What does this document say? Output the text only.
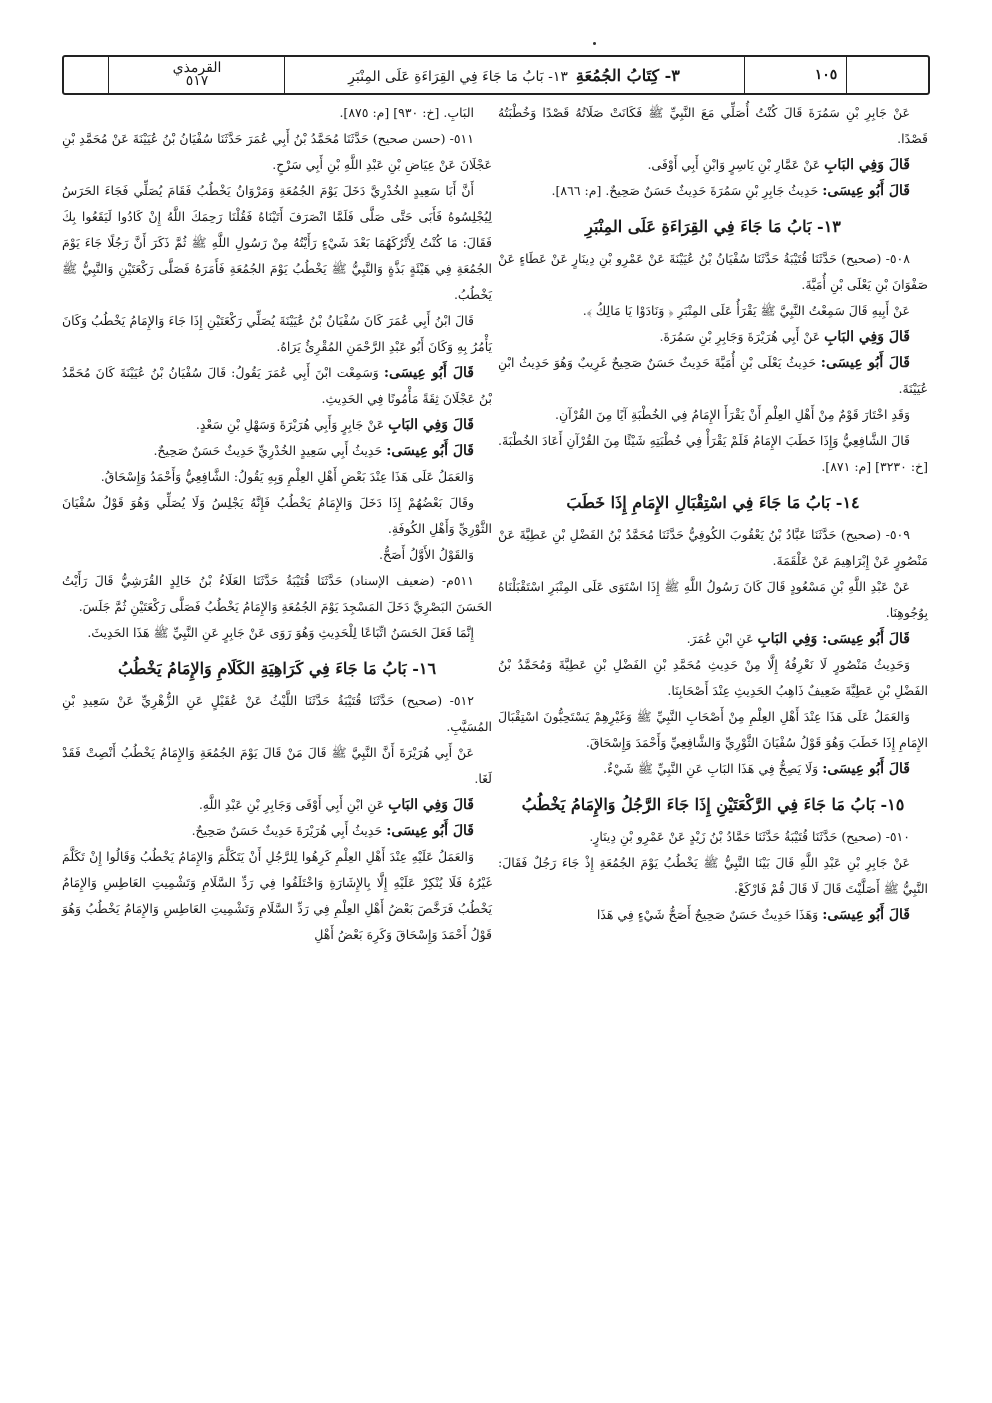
١٠٥
٣- كِتَابُ الجُمُعَةِ١٣- بَابُ مَا جَاءَ فِي القِرَاءَةِ عَلَى المِنْبَرِ
القرمذي
٥١٧

عَنْ جَابِرِ بْنِ سَمُرَةَ قَالَ كُنْتُ أُصَلِّي مَعَ النَّبِيِّ ﷺ فَكَانَتْ صَلَاتُهُ قَصْدًا وَخُطْبَتُهُ قَصْدًا.

قَالَ وَفِي البَابِ عَنْ عَمَّارِ بْنِ يَاسِرٍ وَابْنِ أَبِي أَوْفَى.

قَالَ أَبُو عِيسَى: حَدِيثُ جَابِرِ بْنِ سَمُرَةَ حَدِيثٌ حَسَنٌ صَحِيحٌ. [م: ٨٦٦].

١٣- بَابُ مَا جَاءَ فِي القِرَاءَةِ عَلَى المِنْبَرِ

٥٠٨- (صحيح) حَدَّثَنَا قُتَيْبَةُ حَدَّثَنَا سُفْيَانُ بْنُ عُيَيْنَةَ عَنْ عَمْرِو بْنِ دِينَارٍ عَنْ عَطَاءٍ عَنْ صَفْوَانَ بْنِ يَعْلَى بْنِ أُمَيَّةَ.

عَنْ أَبِيهِ قَالَ سَمِعْتُ النَّبِيَّ ﷺ يَقْرَأُ عَلَى المِنْبَرِ ﴿ وَنَادَوْا يَا مَالِكُ ﴾.

قَالَ وَفِي البَابِ عَنْ أَبِي هُرَيْرَةَ وَجَابِرِ بْنِ سَمُرَةَ.

قَالَ أَبُو عِيسَى: حَدِيثُ يَعْلَى بْنِ أُمَيَّةَ حَدِيثٌ حَسَنٌ صَحِيحٌ غَرِيبٌ وَهُوَ حَدِيثُ ابْنِ عُيَيْنَةَ.

وَقَدِ اخْتَارَ قَوْمٌ مِنْ أَهْلِ العِلْمِ أَنْ يَقْرَأَ الإِمَامُ فِي الخُطْبَةِ آيًا مِنَ القُرْآنِ.

قَالَ الشَّافِعِيُّ وَإِذَا خَطَبَ الإِمَامُ فَلَمْ يَقْرَأْ فِي خُطْبَتِهِ شَيْئًا مِنَ القُرْآنِ أَعَادَ الخُطْبَةَ. [خ: ٣٢٣٠] [م: ٨٧١].

١٤- بَابُ مَا جَاءَ فِي اسْتِقْبَالِ الإِمَامِ إِذَا خَطَبَ

٥٠٩- (صحيح) حَدَّثَنَا عَبَّادُ بْنُ يَعْقُوبَ الكُوفِيُّ حَدَّثَنَا مُحَمَّدُ بْنُ الفَضْلِ بْنِ عَطِيَّةَ عَنْ مَنْصُورٍ عَنْ إِبْرَاهِيمَ عَنْ عَلْقَمَةَ.

عَنْ عَبْدِ اللَّهِ بْنِ مَسْعُودٍ قَالَ كَانَ رَسُولُ اللَّهِ ﷺ إِذَا اسْتَوَى عَلَى المِنْبَرِ اسْتَقْبَلْنَاهُ بِوُجُوهِنَا.

قَالَ أَبُو عِيسَى: وَفِي البَابِ عَنِ ابْنِ عُمَرَ.

وَحَدِيثُ مَنْصُورٍ لَا نَعْرِفُهُ إِلَّا مِنْ حَدِيثِ مُحَمَّدِ بْنِ الفَضْلِ بْنِ عَطِيَّةَ وَمُحَمَّدُ بْنُ الفَضْلِ بْنِ عَطِيَّةَ ضَعِيفٌ ذَاهِبُ الحَدِيثِ عِنْدَ أَصْحَابِنَا.

وَالعَمَلُ عَلَى هَذَا عِنْدَ أَهْلِ العِلْمِ مِنْ أَصْحَابِ النَّبِيِّ ﷺ وَغَيْرِهِمْ يَسْتَحِبُّونَ اسْتِقْبَالَ الإِمَامِ إِذَا خَطَبَ وَهُوَ قَوْلُ سُفْيَانَ الثَّوْرِيِّ وَالشَّافِعِيِّ وَأَحْمَدَ وَإِسْحَاقَ.

قَالَ أَبُو عِيسَى: وَلَا يَصِحُّ فِي هَذَا البَابِ عَنِ النَّبِيِّ ﷺ شَيْءٌ.

١٥- بَابُ مَا جَاءَ فِي الرَّكْعَتَيْنِ إِذَا جَاءَ الرَّجُلُ وَالإِمَامُ يَخْطُبُ

٥١٠- (صحيح) حَدَّثَنَا قُتَيْبَةُ حَدَّثَنَا حَمَّادُ بْنُ زَيْدٍ عَنْ عَمْرِو بْنِ دِينَارٍ.

عَنْ جَابِرِ بْنِ عَبْدِ اللَّهِ قَالَ بَيْنَا النَّبِيُّ ﷺ يَخْطُبُ يَوْمَ الجُمُعَةِ إِذْ جَاءَ رَجُلٌ فَقَالَ: النَّبِيُّ ﷺ أَصَلَّيْتَ قَالَ لَا قَالَ قُمْ فَارْكَعْ.

قَالَ أَبُو عِيسَى: وَهَذَا حَدِيثٌ حَسَنٌ صَحِيحٌ أَصَحُّ شَيْءٍ فِي هَذَا

البَابِ. [خ: ٩٣٠] [م: ٨٧٥].

٥١١- (حسن صحيح) حَدَّثَنَا مُحَمَّدُ بْنُ أَبِي عُمَرَ حَدَّثَنَا سُفْيَانُ بْنُ عُيَيْنَةَ عَنْ مُحَمَّدِ بْنِ عَجْلَانَ عَنْ عِيَاضِ بْنِ عَبْدِ اللَّهِ بْنِ أَبِي سَرْحٍ.

أَنَّ أَبَا سَعِيدٍ الخُدْرِيَّ دَخَلَ يَوْمَ الجُمُعَةِ وَمَرْوَانُ يَخْطُبُ فَقَامَ يُصَلِّي فَجَاءَ الحَرَسُ لِيُجْلِسُوهُ فَأَبَى حَتَّى صَلَّى فَلَمَّا انْصَرَفَ أَتَيْنَاهُ فَقُلْنَا رَحِمَكَ اللَّهُ إِنْ كَادُوا لَيَقَعُوا بِكَ فَقَالَ: مَا كُنْتُ لِأَتْرُكَهُمَا بَعْدَ شَيْءٍ رَأَيْتُهُ مِنْ رَسُولِ اللَّهِ ﷺ ثُمَّ ذَكَرَ أَنَّ رَجُلًا جَاءَ يَوْمَ الجُمُعَةِ فِي هَيْئَةٍ بَذَّةٍ وَالنَّبِيُّ ﷺ يَخْطُبُ يَوْمَ الجُمُعَةِ فَأَمَرَهُ فَصَلَّى رَكْعَتَيْنِ وَالنَّبِيُّ ﷺ يَخْطُبُ.

قَالَ ابْنُ أَبِي عُمَرَ كَانَ سُفْيَانُ بْنُ عُيَيْنَةَ يُصَلِّي رَكْعَتَيْنِ إِذَا جَاءَ وَالإِمَامُ يَخْطُبُ وَكَانَ يَأْمُرُ بِهِ وَكَانَ أَبُو عَبْدِ الرَّحْمَنِ المُقْرِئُ يَرَاهُ.

قَالَ أَبُو عِيسَى: وَسَمِعْت ابْنَ أَبِي عُمَرَ يَقُولُ: قَالَ سُفْيَانُ بْنُ عُيَيْنَةَ كَانَ مُحَمَّدُ بْنُ عَجْلَانَ ثِقَةً مَأْمُونًا فِي الحَدِيثِ.

قَالَ وَفِي البَابِ عَنْ جَابِرٍ وَأَبِي هُرَيْرَةَ وَسَهْلِ بْنِ سَعْدٍ.

قَالَ أَبُو عِيسَى: حَدِيثُ أَبِي سَعِيدٍ الخُدْرِيِّ حَدِيثٌ حَسَنٌ صَحِيحٌ.

وَالعَمَلُ عَلَى هَذَا عِنْدَ بَعْضِ أَهْلِ العِلْمِ وَبِهِ يَقُولُ: الشَّافِعِيُّ وَأَحْمَدُ وَإِسْحَاقُ.

وقَالَ بَعْضُهُمْ إِذَا دَخَلَ وَالإِمَامُ يَخْطُبُ فَإِنَّهُ يَجْلِسُ وَلَا يُصَلِّي وَهُوَ قَوْلُ سُفْيَانَ الثَّوْرِيِّ وَأَهْلِ الكُوفَةِ.

وَالقَوْلُ الأَوَّلُ أَصَحُّ.

٥١١م- (ضعيف الإسناد) حَدَّثَنَا قُتَيْبَةُ حَدَّثَنَا العَلَاءُ بْنُ خَالِدٍ القُرَشِيُّ قَالَ رَأَيْتُ الحَسَنَ البَصْرِيَّ دَخَلَ المَسْجِدَ يَوْمَ الجُمُعَةِ وَالإِمَامُ يَخْطُبُ فَصَلَّى رَكْعَتَيْنِ ثُمَّ جَلَسَ.

إِنَّمَا فَعَلَ الحَسَنُ اتِّبَاعًا لِلْحَدِيثِ وَهُوَ رَوَى عَنْ جَابِرٍ عَنِ النَّبِيِّ ﷺ هَذَا الحَدِيثَ.

١٦- بَابُ مَا جَاءَ فِي كَرَاهِيَةِ الكَلَامِ وَالإِمَامُ يَخْطُبُ

٥١٢- (صحيح) حَدَّثَنَا قُتَيْبَةُ حَدَّثَنَا اللَّيْثُ عَنْ عُقَيْلٍ عَنِ الزُّهْرِيِّ عَنْ سَعِيدِ بْنِ المُسَيَّبِ.

عَنْ أَبِي هُرَيْرَةَ أَنَّ النَّبِيَّ ﷺ قَالَ مَنْ قَالَ يَوْمَ الجُمُعَةِ وَالإِمَامُ يَخْطُبُ أَنْصِتْ فَقَدْ لَغَا.

قَالَ وَفِي البَابِ عَنِ ابْنِ أَبِي أَوْفَى وَجَابِرِ بْنِ عَبْدِ اللَّهِ.

قَالَ أَبُو عِيسَى: حَدِيثُ أَبِي هُرَيْرَةَ حَدِيثٌ حَسَنٌ صَحِيحٌ.

وَالعَمَلُ عَلَيْهِ عِنْدَ أَهْلِ العِلْمِ كَرِهُوا لِلرَّجُلِ أَنْ يَتَكَلَّمَ وَالإِمَامُ يَخْطُبُ وَقَالُوا إِنْ تَكَلَّمَ غَيْرُهُ فَلَا يُنْكِرْ عَلَيْهِ إِلَّا بِالإِشَارَةِ وَاخْتَلَفُوا فِي رَدِّ السَّلَامِ وَتَشْمِيتِ العَاطِسِ وَالإِمَامُ يَخْطُبُ فَرَخَّصَ بَعْضُ أَهْلِ العِلْمِ فِي رَدِّ السَّلَامِ وَتَشْمِيتِ العَاطِسِ وَالإِمَامُ يَخْطُبُ وَهُوَ قَوْلُ أَحْمَدَ وَإِسْحَاقَ وَكَرِهَ بَعْضُ أَهْلِ
